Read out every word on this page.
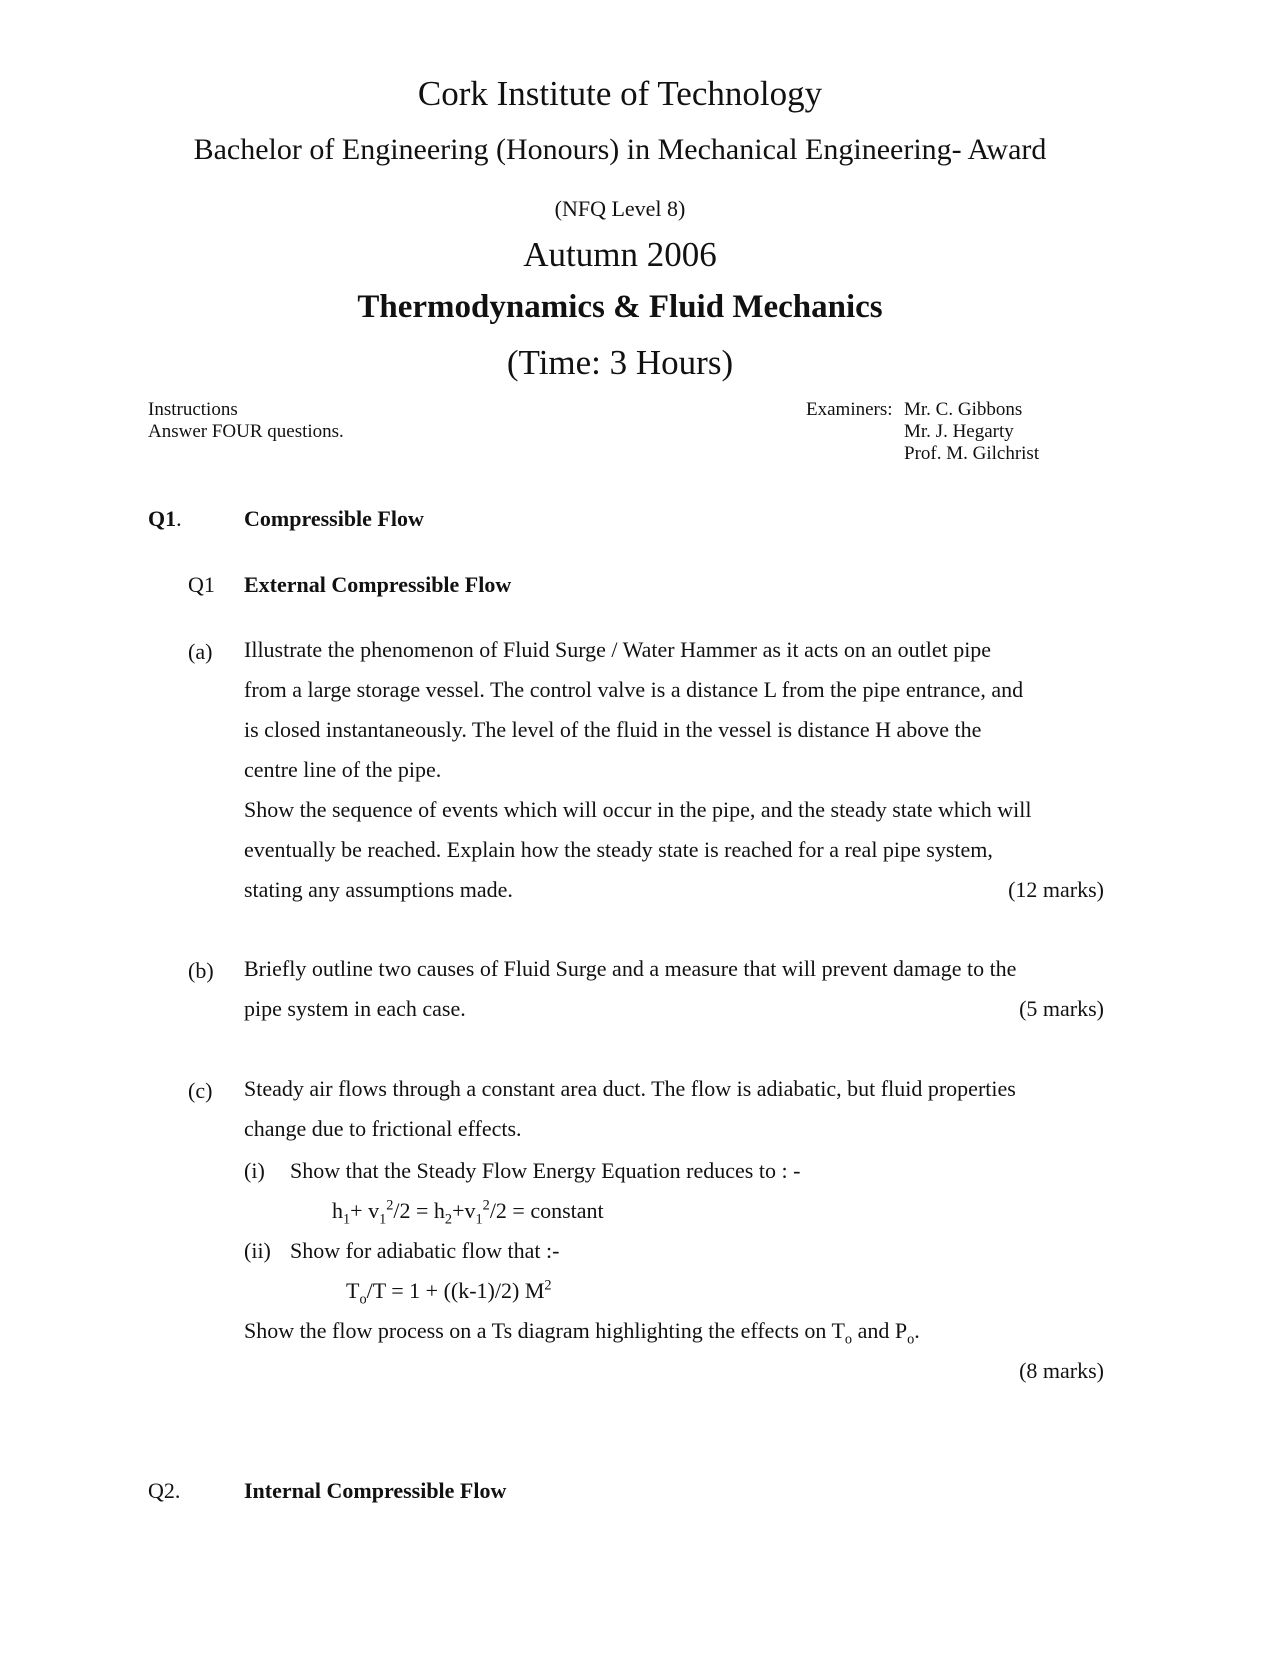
Cork Institute of Technology
Bachelor of Engineering (Honours) in Mechanical Engineering- Award
(NFQ Level 8)
Autumn 2006
Thermodynamics & Fluid Mechanics
(Time: 3 Hours)
Instructions
Answer FOUR questions.
Examiners: Mr. C. Gibbons
Mr. J. Hegarty
Prof. M. Gilchrist
Q1.	Compressible Flow
Q1 External Compressible Flow
(a) Illustrate the phenomenon of Fluid Surge / Water Hammer as it acts on an outlet pipe
from a large storage vessel. The control valve is a distance L from the pipe entrance, and
is closed instantaneously. The level of the fluid in the vessel is distance H above the
centre line of the pipe.
Show the sequence of events which will occur in the pipe, and the steady state which will
eventually be reached. Explain how the steady state is reached for a real pipe system,
stating any assumptions made.	(12 marks)
(b) Briefly outline two causes of Fluid Surge and a measure that will prevent damage to the
pipe system in each case.	(5 marks)
(c) Steady air flows through a constant area duct. The flow is adiabatic, but fluid properties
change due to frictional effects.
(i) Show that the Steady Flow Energy Equation reduces to : -
$h_1+ v_1^2/2 = h_2+v_1^2/2$ = constant
(ii) Show for adiabatic flow that :-
$T_o/T = 1 + ((k-1)/2)$ $M^2$
Show the flow process on a Ts diagram highlighting the effects on $T_o$ and $P_o$.
(8 marks)
Q2.	Internal Compressible Flow
